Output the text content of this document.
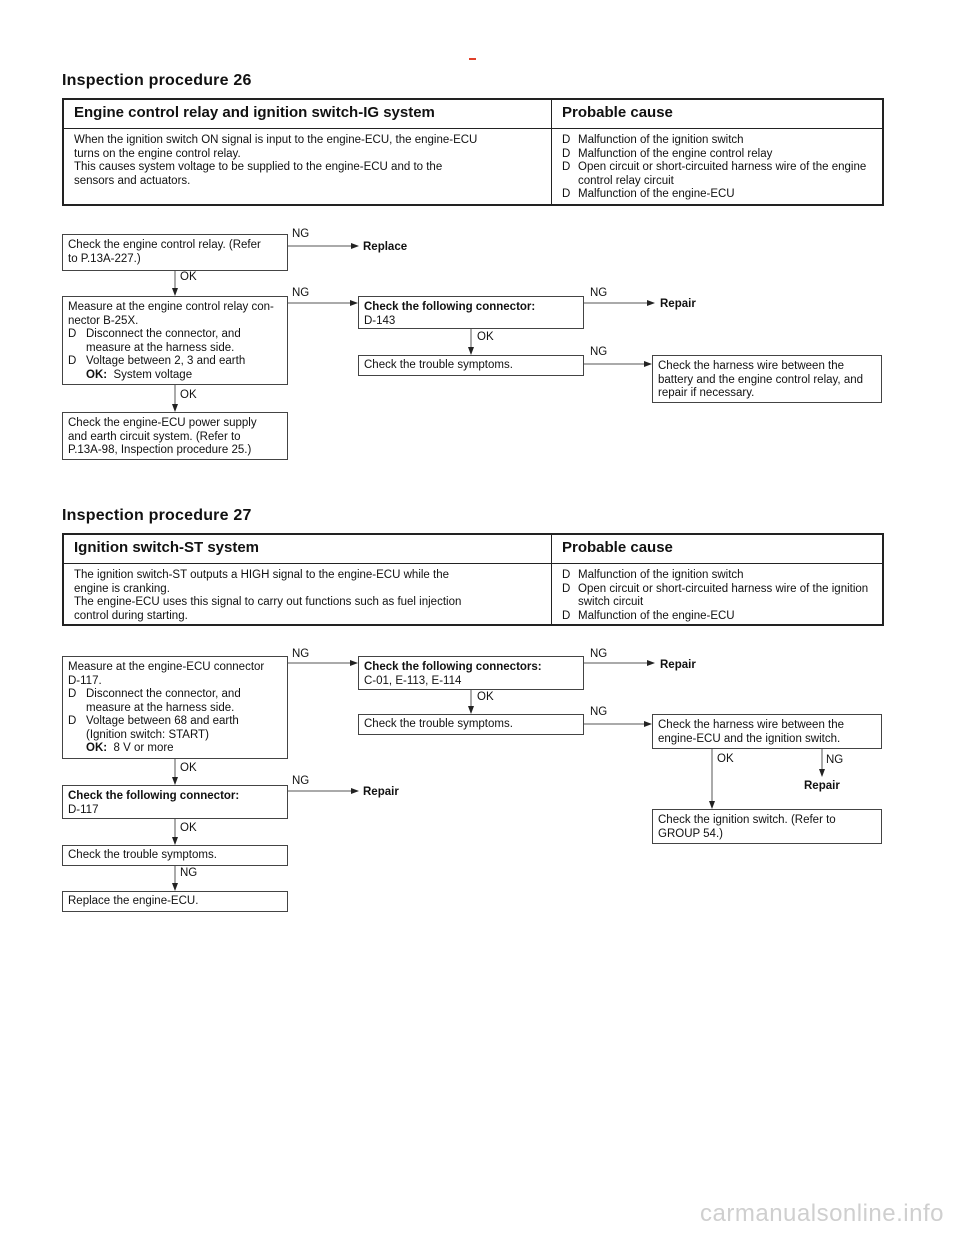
Inspection procedure 26
Engine control relay and ignition switch-IG system	Probable cause
When the ignition switch ON signal is input to the engine-ECU, the engine-ECU
turns on the engine control relay.
This causes system voltage to be supplied to the engine-ECU and to the
sensors and actuators.
D Malfunction of the ignition switch
D Malfunction of the engine control relay
D Open circuit or short-circuited harness wire of the engine control relay circuit
D Malfunction of the engine-ECU
Check the engine control relay. (Refer
to P.13A-227.)
Measure at the engine control relay con-
nector B-25X.
D Disconnect the connector, and measure at the harness side.
D Voltage between 2, 3 and earth
OK: System voltage
Check the engine-ECU power supply
and earth circuit system. (Refer to
P.13A-98, Inspection procedure 25.)
Check the following connector:
D-143
Check the trouble symptoms.	Check the harness wire between the
battery and the engine control relay, and
repair if necessary.
NG
Replace
OK
NG	NG
Repair
OK
NG
OK
Inspection procedure 27
Ignition switch-ST system	Probable cause
The ignition switch-ST outputs a HIGH signal to the engine-ECU while the
engine is cranking.
The engine-ECU uses this signal to carry out functions such as fuel injection
control during starting.
D Malfunction of the ignition switch
D Open circuit or short-circuited harness wire of the ignition switch circuit
D Malfunction of the engine-ECU
Measure at the engine-ECU connector
D-117.
D Disconnect the connector, and measure at the harness side.
D Voltage between 68 and earth (Ignition switch: START)
OK: 8 V or more
Check the following connector:
D-117
Check the trouble symptoms.
Replace the engine-ECU.
Check the following connectors:
C-01, E-113, E-114
Check the trouble symptoms.	Check the harness wire between the
engine-ECU and the ignition switch.
Check the ignition switch. (Refer to
GROUP 54.)
NG	NG
Repair
OK
NG
OK
OK	NG
Repair
NG
Repair
OK
NG
carmanualsonline.info
